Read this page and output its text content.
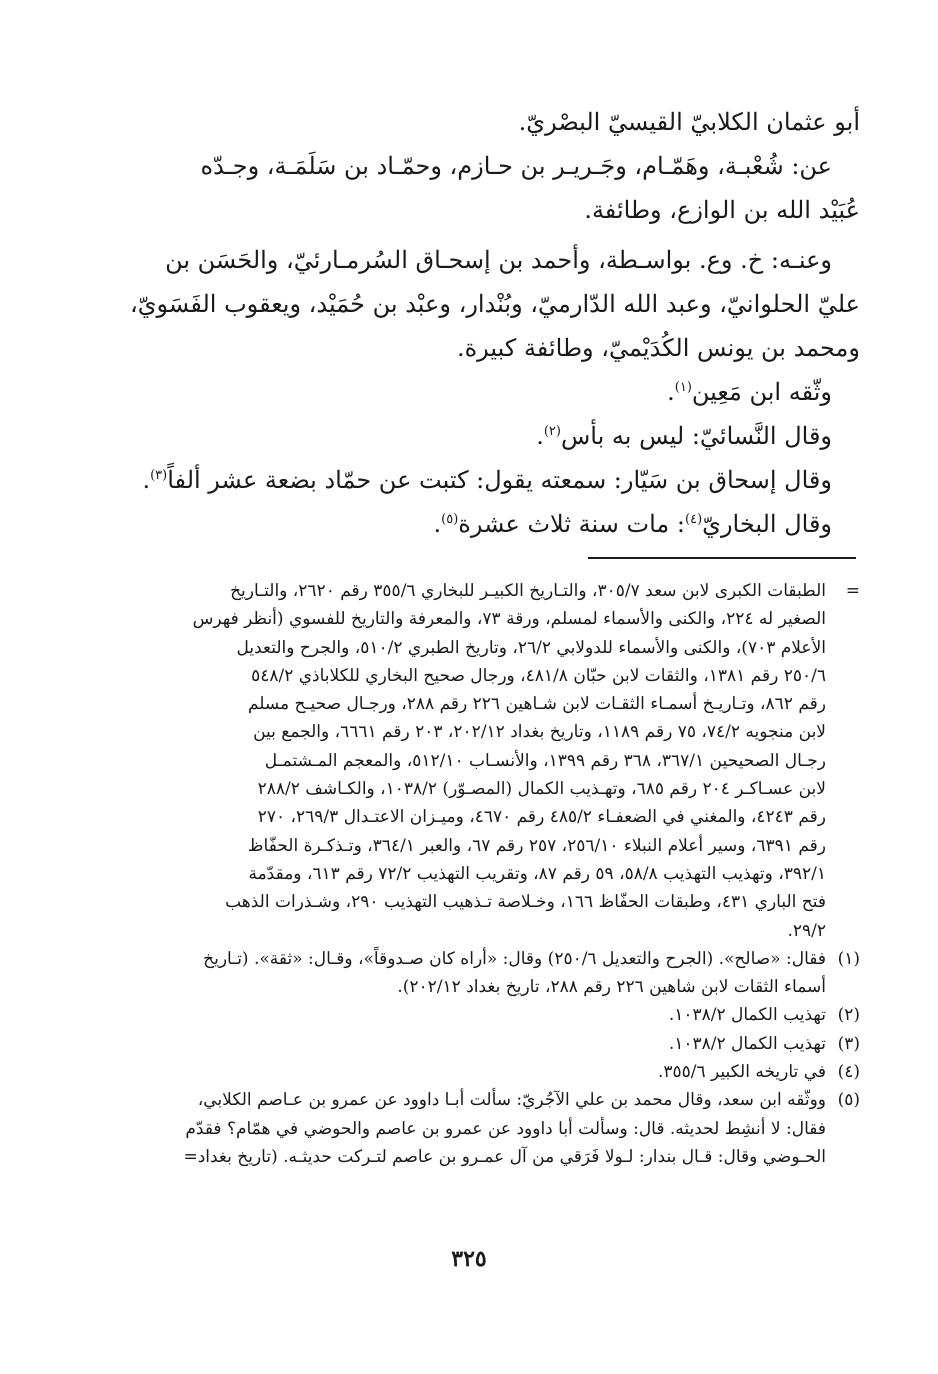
أبو عثمان الكلابيّ القيسيّ البصْريّ.

عن: شُعْبـة، وهَمّـام، وجَـريـر بن حـازم، وحمّـاد بن سَلَمَـة، وجـدّه

عُبَيْد الله بن الوازع، وطائفة.

وعنـه: خ. وع. بواسـطة، وأحمد بن إسحـاق السُرمـارئيّ، والحَسَن بن

عليّ الحلوانيّ، وعبد الله الدّارميّ، وبُنْدار، وعبْد بن حُمَيْد، ويعقوب الفَسَويّ،

ومحمد بن يونس الكُدَيْميّ، وطائفة كبيرة.

وثّقه ابن مَعِين$^{(١)}$.

وقال النَّسائيّ: ليس به بأس$^{(٢)}$.

وقال إسحاق بن سَيّار: سمعته يقول: كتبت عن حمّاد بضعة عشر ألفاً$^{(٣)}$.

وقال البخاريّ$^{(٤)}$: مات سنة ثلاث عشرة$^{(٥)}$.

=
الطبقات الكبرى لابن سعد ٣٠٥/٧، والتـاريخ الكبيـر للبخاري ٣٥٥/٦ رقم ٢٦٢٠، والتـاريخ
الصغير له ٢٢٤، والكنى والأسماء لمسلم، ورقة ٧٣، والمعرفة والتاريخ للفسوي (أنظر فهرس
الأعلام ٧٠٣)، والكنى والأسماء للدولابي ٢٦/٢، وتاريخ الطبري ٥١٠/٢، والجرح والتعديل
٢٥٠/٦ رقم ١٣٨١، والثقات لابن حبّان ٤٨١/٨، ورجال صحيح البخاري للكلاباذي ٥٤٨/٢
رقم ٨٦٢، وتـاريـخ أسمـاء الثقـات لابن شـاهين ٢٢٦ رقم ٢٨٨، ورجـال صحيـح مسلم
لابن منجويه ٧٤/٢، ٧٥ رقم ١١٨٩، وتاريخ بغداد ٢٠٢/١٢، ٢٠٣ رقم ٦٦٦١، والجمع بين
رجـال الصحيحين ٣٦٧/١، ٣٦٨ رقم ١٣٩٩، والأنسـاب ٥١٢/١٠، والمعجم المـشتمـل
لابن عسـاكـر ٢٠٤ رقم ٦٨٥، وتهـذيب الكمال (المصـوّر) ١٠٣٨/٢، والكـاشف ٢٨٨/٢
رقم ٤٢٤٣، والمغني في الضعفـاء ٤٨٥/٢ رقم ٤٦٧٠، وميـزان الاعتـدال ٢٦٩/٣، ٢٧٠
رقم ٦٣٩١، وسير أعلام النبلاء ٢٥٦/١٠، ٢٥٧ رقم ٦٧، والعبر ٣٦٤/١، وتـذكـرة الحفّاظ
٣٩٢/١، وتهذيب التهذيب ٥٨/٨، ٥٩ رقم ٨٧، وتقريب التهذيب ٧٢/٢ رقم ٦١٣، ومقدّمة
فتح الباري ٤٣١، وطبقات الحفّاظ ١٦٦، وخـلاصة تـذهيب التهذيب ٢٩٠، وشـذرات الذهب
٢٩/٢.
(١)
فقال: «صالح». (الجرح والتعديل ٢٥٠/٦) وقال: «أراه كان صـدوقاً»، وقـال: «ثقة». (تـاريخ
أسماء الثقات لابن شاهين ٢٢٦ رقم ٢٨٨، تاريخ بغداد ٢٠٢/١٢).
(٢)
تهذيب الكمال ١٠٣٨/٢.
(٣)
تهذيب الكمال ١٠٣٨/٢.
(٤)
في تاريخه الكبير ٣٥٥/٦.
(٥)
ووثّقه ابن سعد، وقال محمد بن علي الآجُريّ: سألت أبـا داوود عن عمرو بن عـاصم الكلابي،
فقال: لا أنشِط لحديثه. قال: وسألت أبا داوود عن عمرو بن عاصم والحوضي في همّام؟ فقدّم
الحـوضي وقال: قـال بندار: لـولا فَرَقي من آل عمـرو بن عاصم لتـركت حديثـه. (تاريخ بغداد=
٣٢٥
